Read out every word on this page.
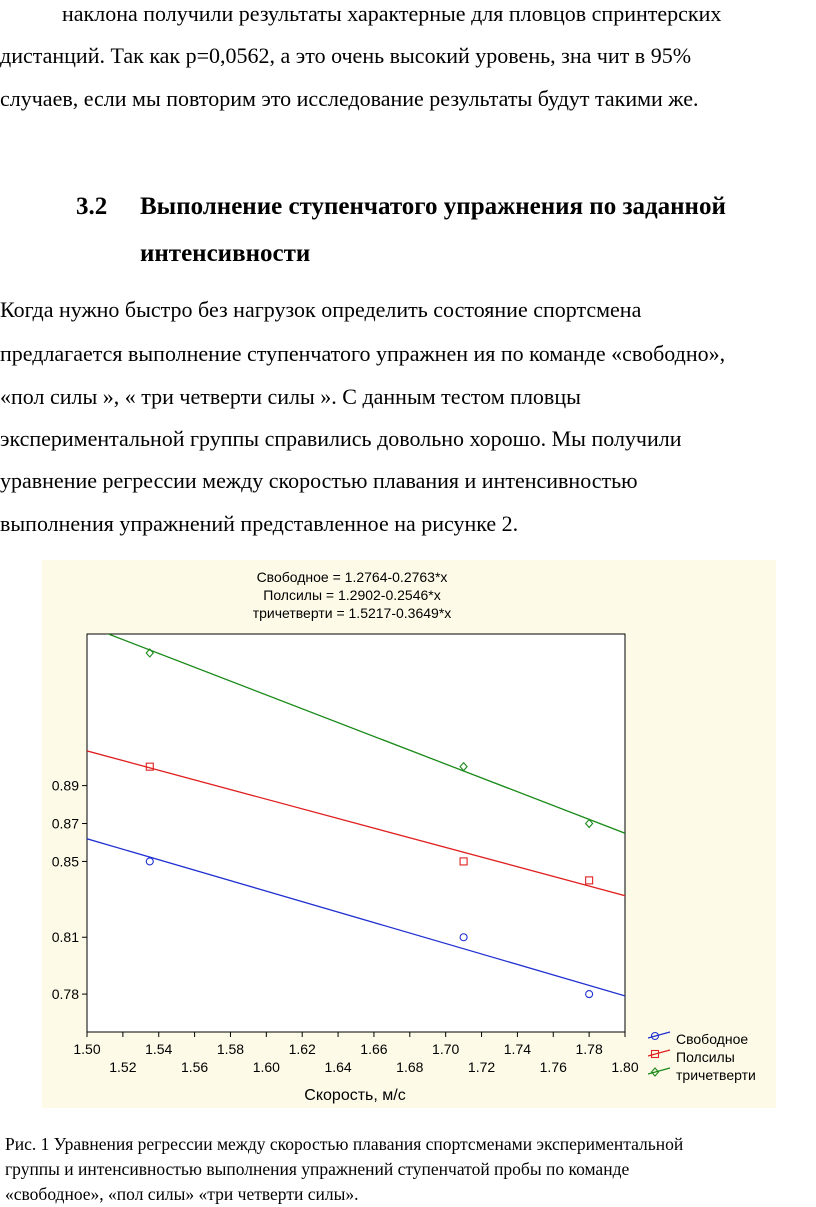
наклона получили результаты характерные для пловцов спринтерских
дистанций. Так как p=0,0562, а это очень высокий уровень, зна чит в 95%
случаев, если мы повторим это исследование результаты будут такими же.
3.2 Выполнение ступенчатого упражнения по заданной
интенсивности
Когда нужно быстро без нагрузок определить состояние спортсмена
предлагается выполнение ступенчатого упражнен ия по команде «свободно»,
«пол силы », « три четверти силы ». С данным тестом пловцы
экспериментальной группы справились довольно хорошо. Мы получили
уравнение регрессии между скоростью плавания и интенсивностью
выполнения упражнений представленное на рисунке 2.
Свободное = 1.2764-0.2763*x
Полсилы = 1.2902-0.2546*x
тричетверти = 1.5217-0.3649*x
0.89
0.87
0.85
0.81
0.78
1.50	1.54	1.58	1.62	1.66	1.70	1.74	1.78
1.52	1.56	1.60	1.64	1.68	1.72	1.76	1.80
Скорость, м/с
Свободное
Полсилы
тричетверти
Рис. 1 Уравнения регрессии между скоростью плавания спортсменами экспериментальной
группы и интенсивностью выполнения упражнений ступенчатой пробы по команде
«свободное», «пол силы» «три четверти силы».
